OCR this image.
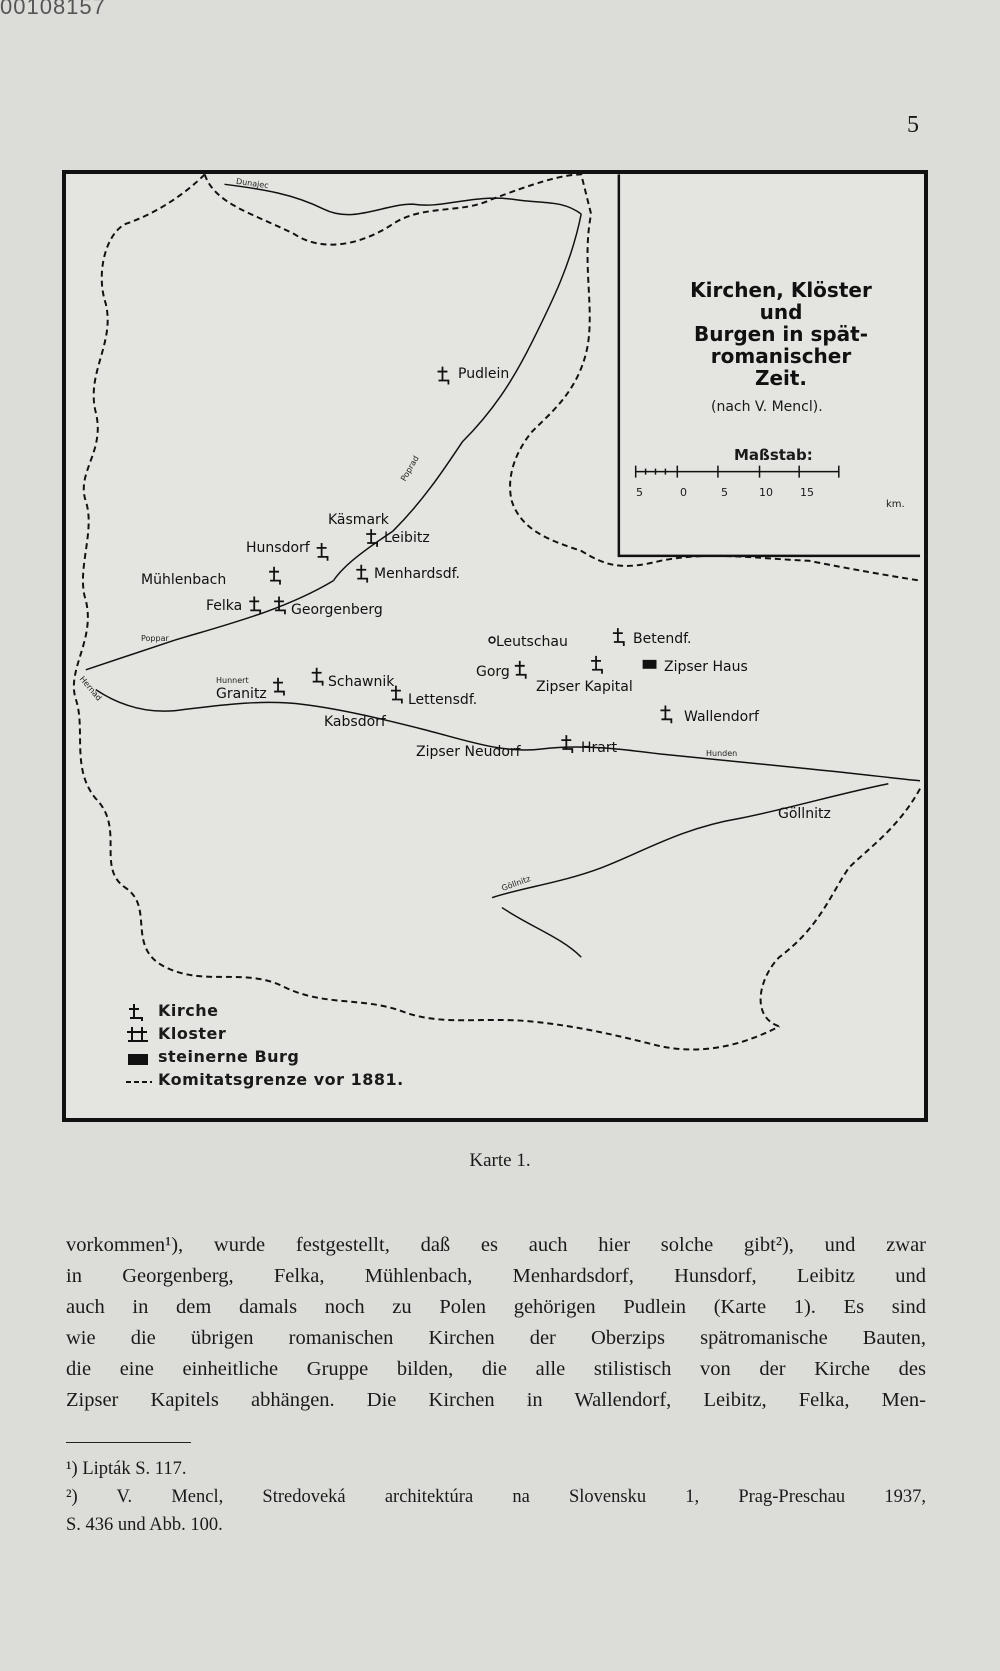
00108157
5
Kirchen, Klöster
und
Burgen in spät-
romanischer
Zeit.
(nach V. Mencl).
Maßstab:
5	0	5	10 15
km.
Pudlein
Käsmark
Leibitz
Hunsdorf
Mühlenbach	Menhardsdf.
Felka	Georgenberg
Betendf.
Leutschau
Gorg	Zipser Haus
Zipser Kapital
Granitz
Schawnik
Lettensdf.
Kabsdorf	Wallendorf
Zipser Neudorf	Hrart
Göllnitz
Dunajec
Poprad
Poppar
Hunnert
Göllnitz
Hunden
Hernad
Kirche
Kloster
steinerne Burg
Komitatsgrenze vor 1881.
Karte 1.
vorkommen¹), wurde festgestellt, daß es auch hier solche gibt²), und zwar
in Georgenberg, Felka, Mühlenbach, Menhardsdorf, Hunsdorf, Leibitz und
auch in dem damals noch zu Polen gehörigen Pudlein (Karte 1). Es sind
wie die übrigen romanischen Kirchen der Oberzips spätromanische Bauten,
die eine einheitliche Gruppe bilden, die alle stilistisch von der Kirche des
Zipser Kapitels abhängen. Die Kirchen in Wallendorf, Leibitz, Felka, Men-
¹) Lipták S. 117.
²) V. Mencl, Stredoveká architektúra na Slovensku 1, Prag-Preschau 1937,
S. 436 und Abb. 100.
